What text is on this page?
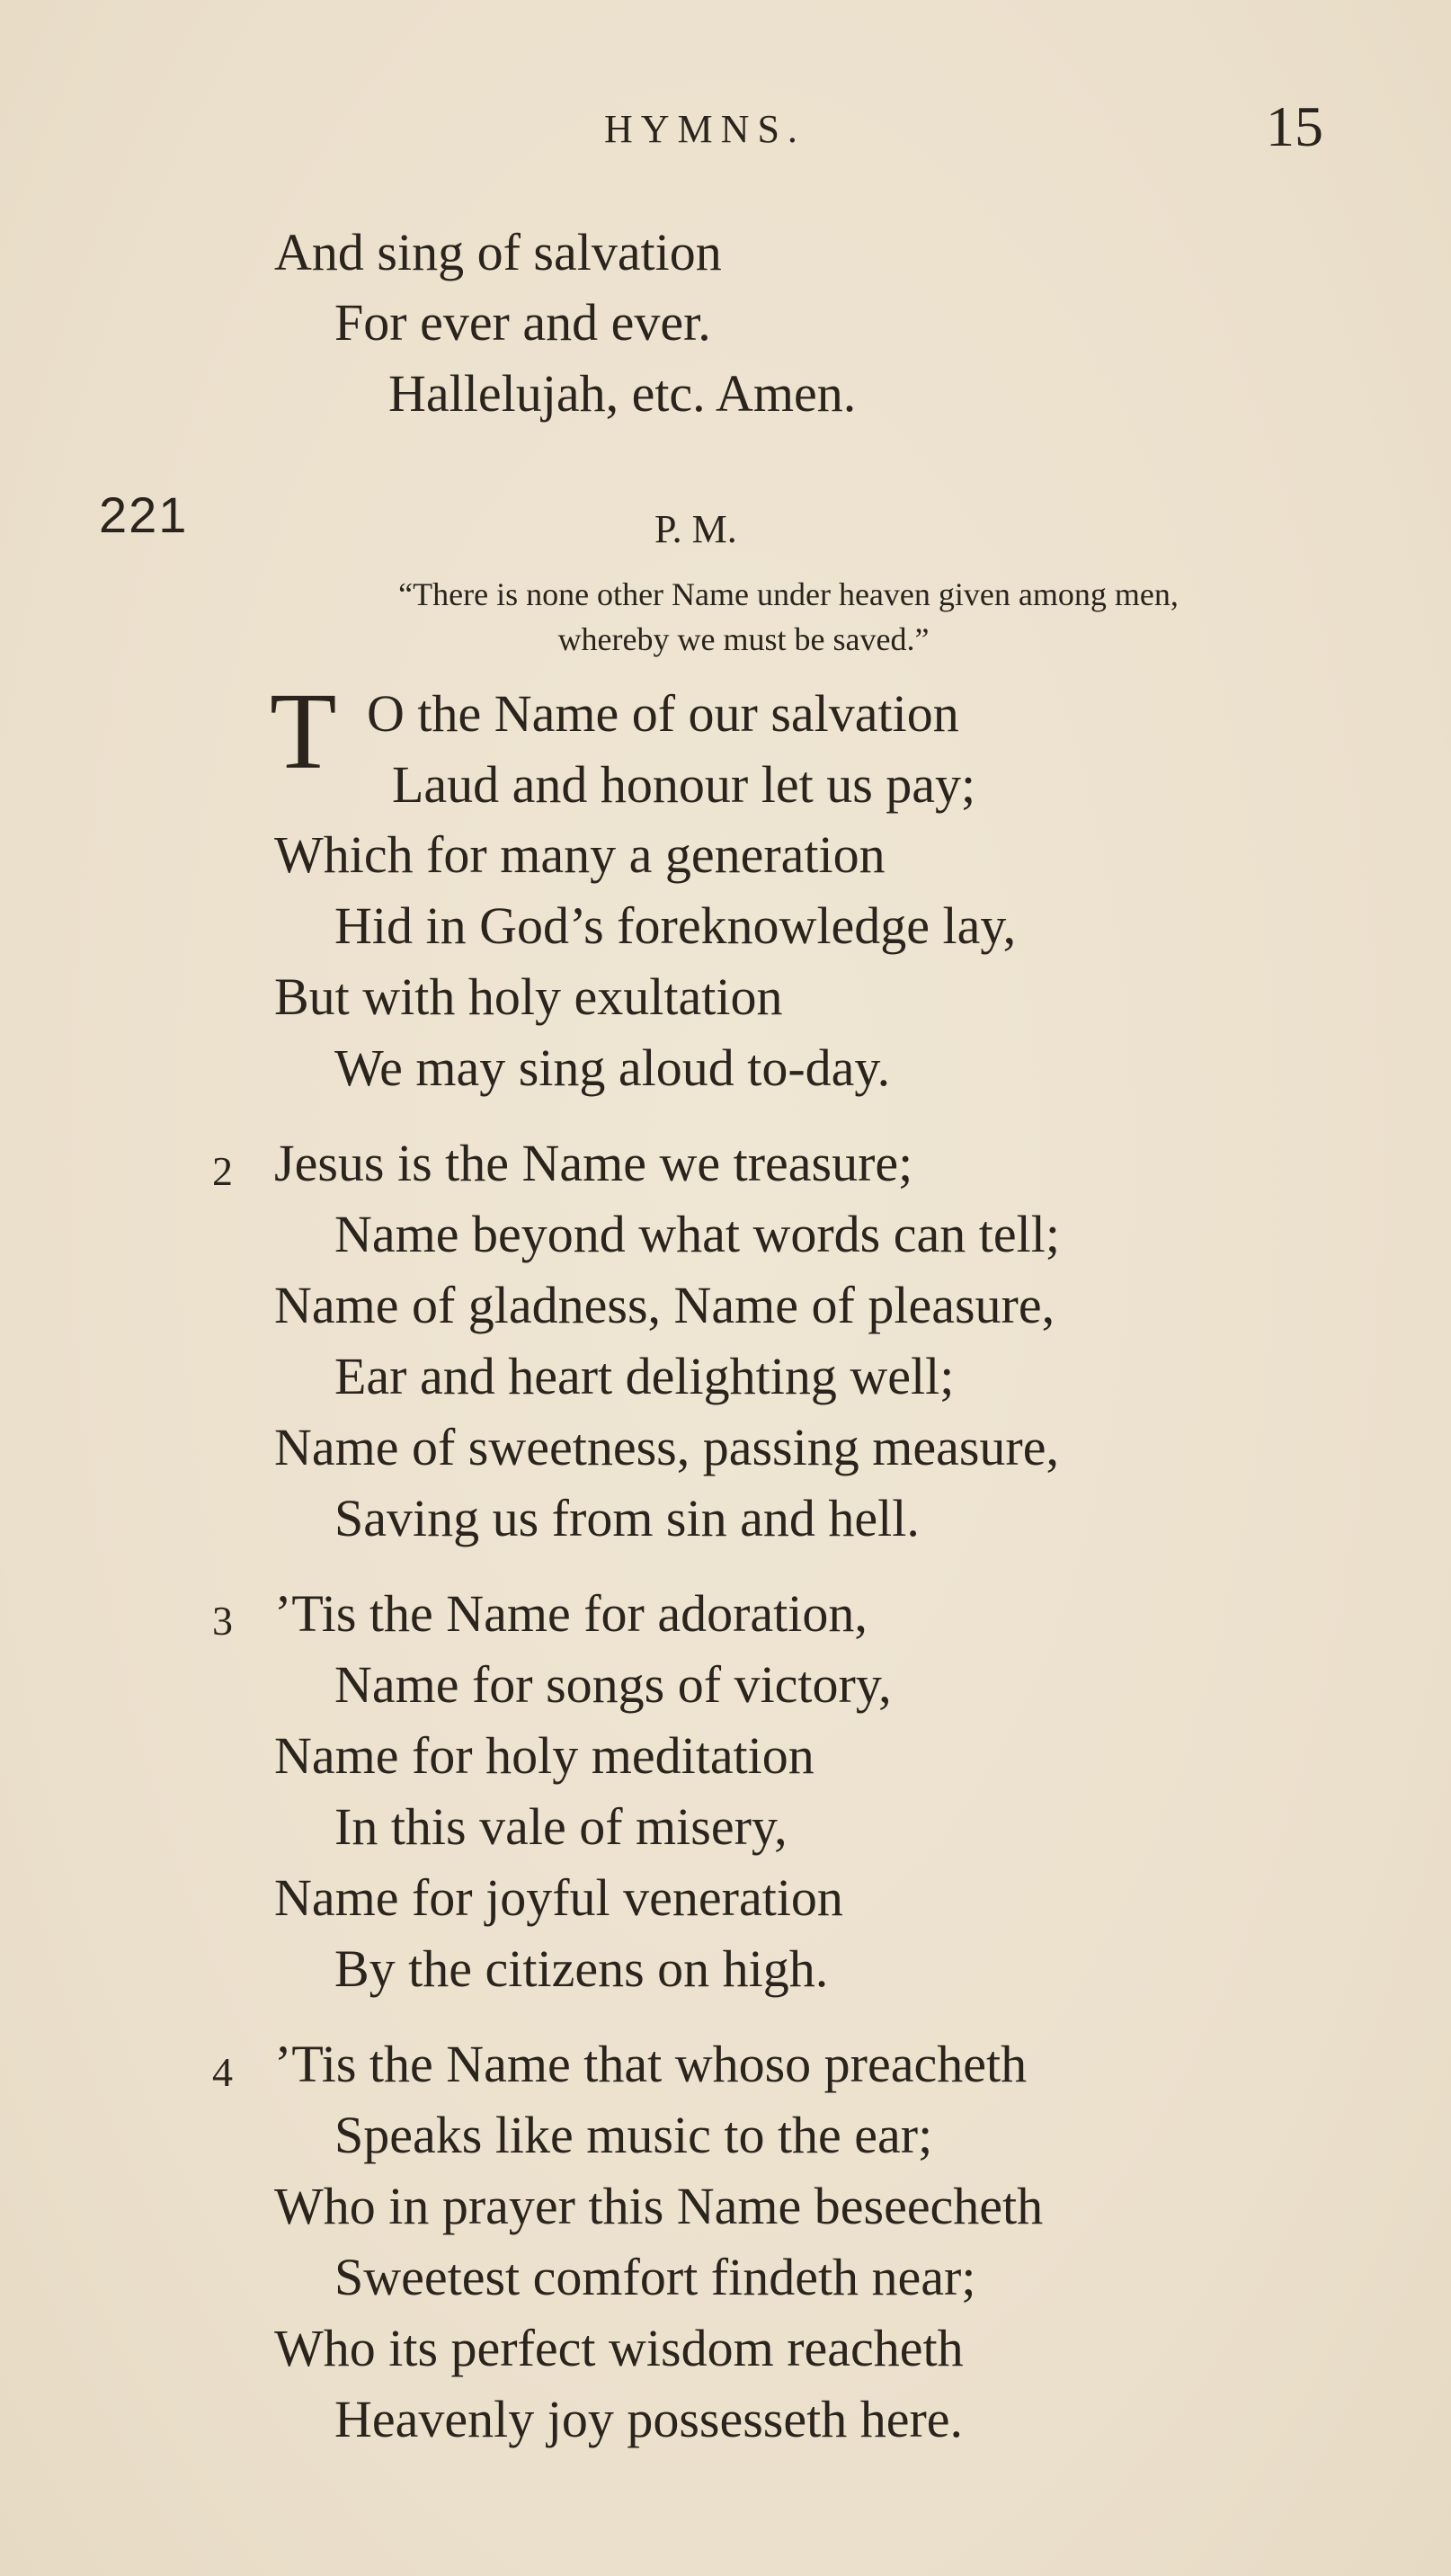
HYMNS.	15
And sing of salvation
For ever and ever.
Hallelujah, etc. Amen.
221	P. M.
“There is none other Name under heaven given among men,
whereby we must be saved.”
T O the Name of our salvation
Laud and honour let us pay;
Which for many a generation
Hid in God’s foreknowledge lay,
But with holy exultation
We may sing aloud to-day.
2 Jesus is the Name we treasure;
Name beyond what words can tell;
Name of gladness, Name of pleasure,
Ear and heart delighting well;
Name of sweetness, passing measure,
Saving us from sin and hell.
3 ’Tis the Name for adoration,
Name for songs of victory,
Name for holy meditation
In this vale of misery,
Name for joyful veneration
By the citizens on high.
4 ’Tis the Name that whoso preacheth
Speaks like music to the ear;
Who in prayer this Name beseecheth
Sweetest comfort findeth near;
Who its perfect wisdom reacheth
Heavenly joy possesseth here.
